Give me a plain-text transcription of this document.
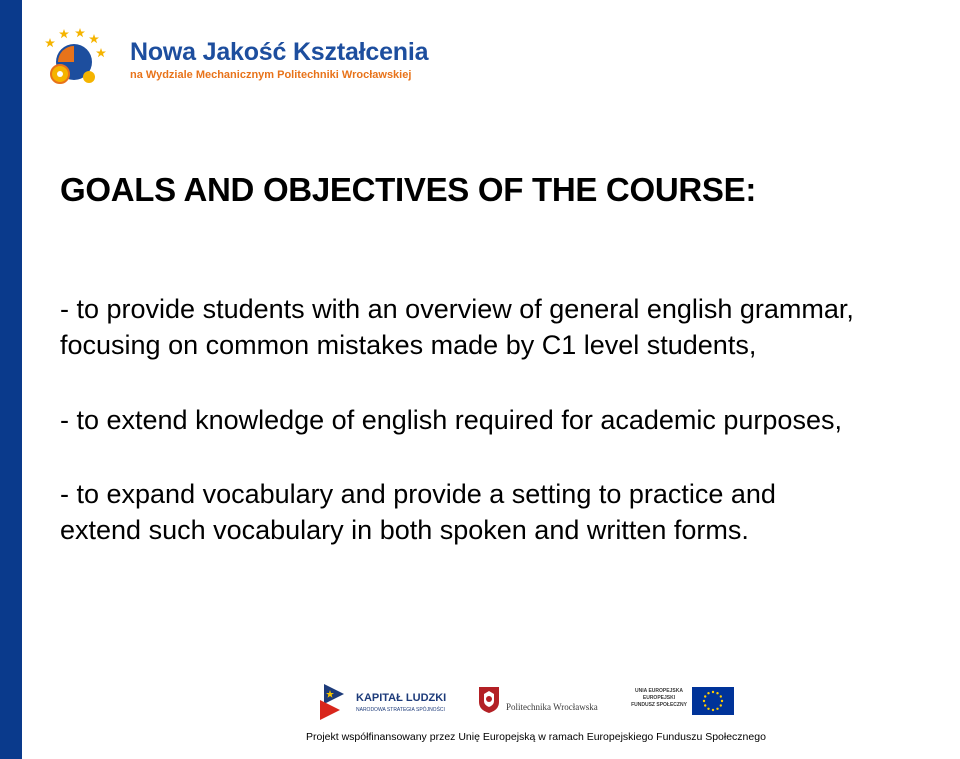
Nowa Jakość Kształcenia
na Wydziale Mechanicznym Politechniki Wrocławskiej
GOALS AND OBJECTIVES OF THE COURSE:

- to provide students with an overview of general english grammar,
focusing on common mistakes made by C1 level students,

- to extend knowledge of english required for academic purposes,

- to expand vocabulary and provide a setting to practice and
extend such vocabulary in both spoken and written forms.

KAPITAŁ LUDZKI
NARODOWA STRATEGIA SPÓJNOŚCI	Politechnika Wrocławska
UNIA EUROPEJSKA
EUROPEJSKI
FUNDUSZ SPOŁECZNY
Projekt współfinansowany przez Unię Europejską w ramach Europejskiego Funduszu Społecznego
